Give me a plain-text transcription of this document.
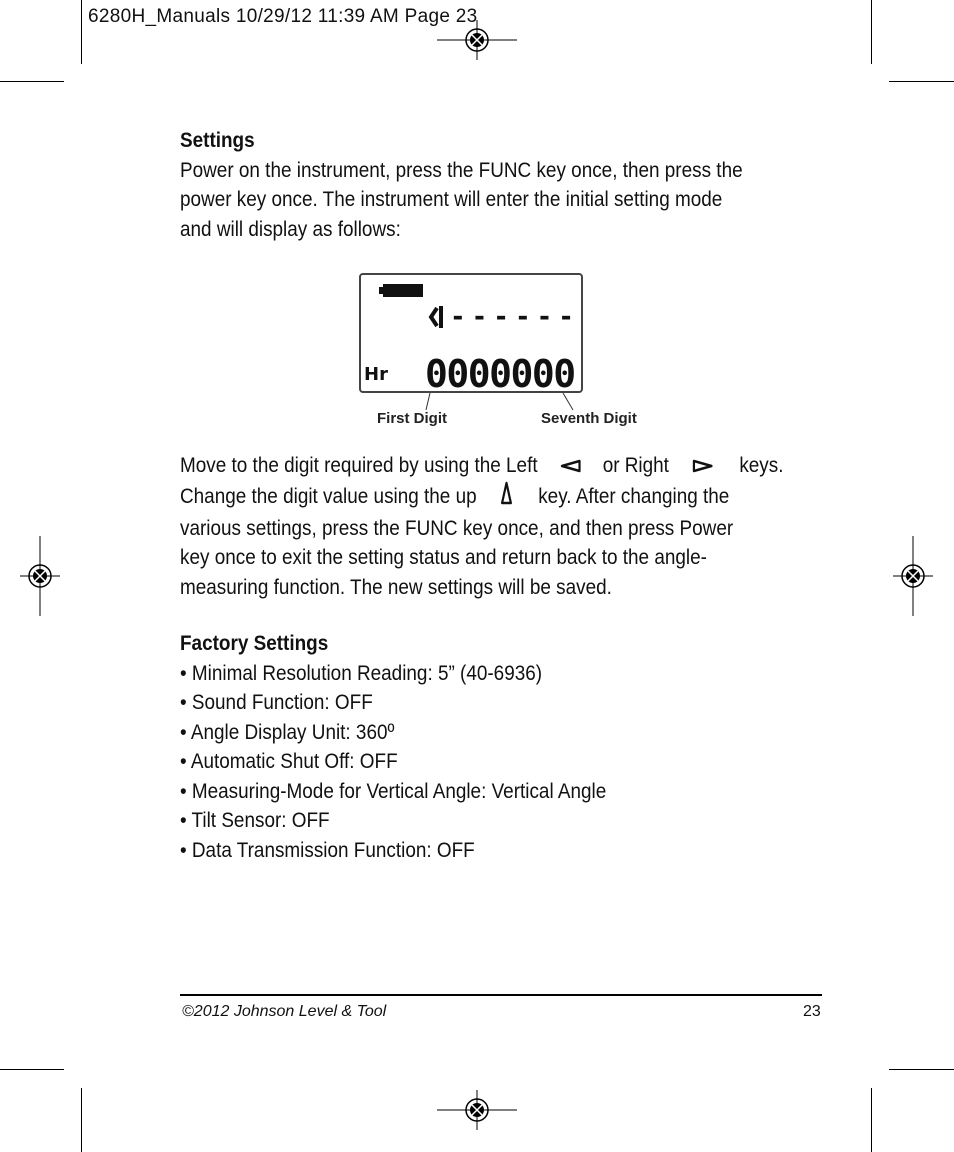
6280H_Manuals 10/29/12 11:39 AM Page 23
Settings

Power on the instrument, press the FUNC key once, then press the

power key once. The instrument will enter the initial setting mode

and will display as follows:

------
Hr 0000000
First Digit	Seventh Digit

Move to the digit required by using the Left	or Right	keys.

Change the digit value using the up	key. After changing the

various settings, press the FUNC key once, and then press Power

key once to exit the setting status and return back to the angle-

measuring function. The new settings will be saved.

Factory Settings
• Minimal Resolution Reading: 5” (40-6936)
• Sound Function: OFF
• Angle Display Unit: 360º
• Automatic Shut Off: OFF
• Measuring-Mode for Vertical Angle: Vertical Angle
• Tilt Sensor: OFF
• Data Transmission Function: OFF
©2012 Johnson Level & Tool	23
